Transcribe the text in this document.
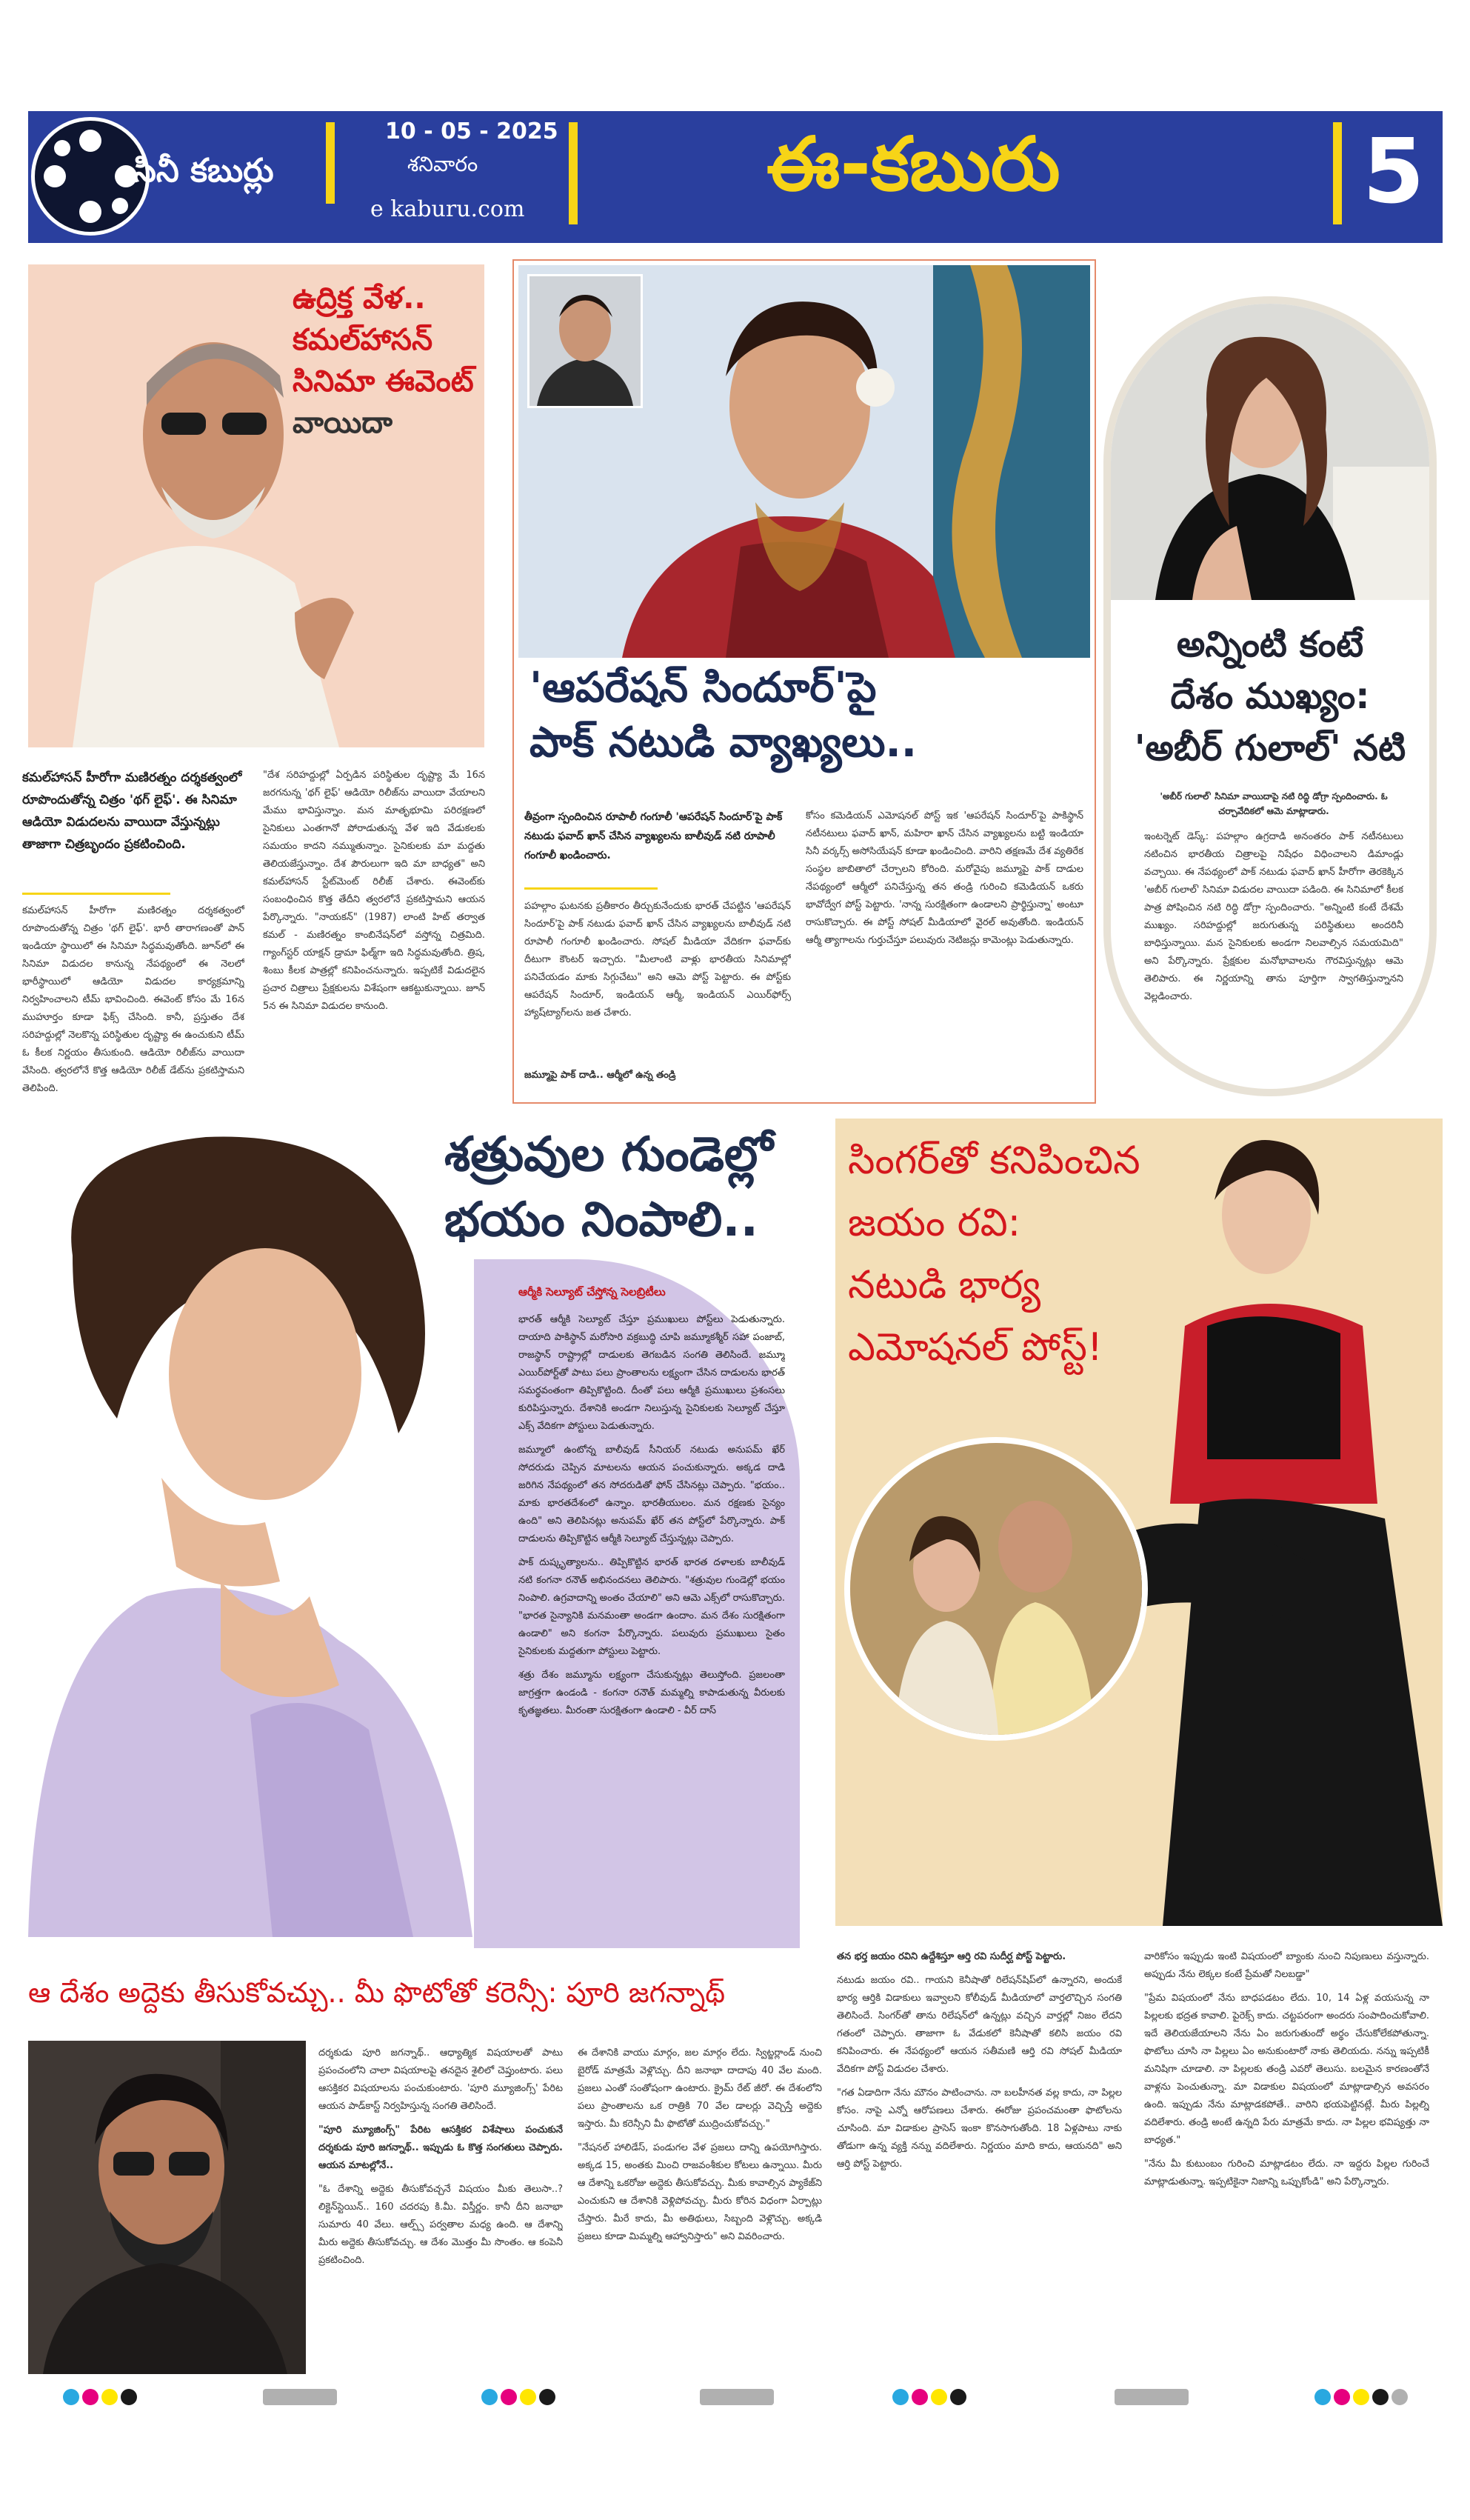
సినీ కబుర్లు
10 - 05 - 2025
శనివారం
e kaburu.com
ఈ-కబురు	5
ఉద్రిక్త వేళ..
కమల్‌హాసన్
సినిమా ఈవెంట్
వాయిదా
కమల్‌హాసన్ హీరోగా మణిరత్నం దర్శకత్వంలో రూపొందుతోన్న చిత్రం 'థగ్ లైఫ్'. ఈ సినిమా ఆడియో విడుదలను వాయిదా వేస్తున్నట్లు తాజాగా చిత్రబృందం ప్రకటించింది.
కమల్‌హాసన్ హీరోగా మణిరత్నం దర్శకత్వంలో రూపొందుతోన్న చిత్రం 'థగ్ లైఫ్'. భారీ తారాగణంతో పాన్ ఇండియా స్థాయిలో ఈ సినిమా సిద్ధమవుతోంది. జూన్‌లో ఈ సినిమా విడుదల కానున్న నేపథ్యంలో ఈ నెలలో భారీస్థాయిలో ఆడియో విడుదల కార్యక్రమాన్ని నిర్వహించాలని టీమ్ భావించింది. ఈవెంట్ కోసం మే 16న ముహూర్తం కూడా ఫిక్స్ చేసింది. కానీ, ప్రస్తుతం దేశ సరిహద్దుల్లో నెలకొన్న పరిస్థితుల దృష్ట్యా ఈ ఉంచుకుని టీమ్ ఓ కీలక నిర్ణయం తీసుకుంది. ఆడియో రిలీజ్‌ను వాయిదా వేసింది. త్వరలోనే కొత్త ఆడియో రిలీజ్ డేట్‌ను ప్రకటిస్తామని తెలిపింది.
"దేశ సరిహద్దుల్లో ఏర్పడిన పరిస్థితుల దృష్ట్యా మే 16న జరగనున్న 'థగ్ లైఫ్' ఆడియో రిలీజ్‌ను వాయిదా వేయాలని మేము భావిస్తున్నాం. మన మాతృభూమి పరిరక్షణలో సైనికులు ఎంతగానో పోరాడుతున్న వేళ ఇది వేడుకలకు సమయం కాదని నమ్ముతున్నాం. సైనికులకు మా మద్దతు తెలియజేస్తున్నాం. దేశ పౌరులుగా ఇది మా బాధ్యత" అని కమల్‌హాసన్ స్టేట్‌మెంట్ రిలీజ్ చేశారు. ఈవెంట్‌కు సంబంధించిన కొత్త తేదీని త్వరలోనే ప్రకటిస్తామని ఆయన పేర్కొన్నారు. "నాయకన్" (1987) లాంటి హిట్ తర్వాత కమల్ - మణిరత్నం కాంబినేషన్‌లో వస్తోన్న చిత్రమిది. గ్యాంగ్‌స్టర్ యాక్షన్ డ్రామా ఫిల్మ్‌గా ఇది సిద్ధమవుతోంది. త్రిష, శింబు కీలక పాత్రల్లో కనిపించనున్నారు. ఇప్పటికే విడుదలైన ప్రచార చిత్రాలు ప్రేక్షకులను విశేషంగా ఆకట్టుకున్నాయి. జూన్ 5న ఈ సినిమా విడుదల కానుంది.
'ఆపరేషన్ సిందూర్'పై
పాక్ నటుడి వ్యాఖ్యలు..
తీవ్రంగా స్పందించిన రూపాలీ గంగూలీ 'ఆపరేషన్ సిందూర్'పై పాక్ నటుడు ఫవాద్ ఖాన్ చేసిన వ్యాఖ్యలను బాలీవుడ్ నటి రూపాలీ గంగూలీ ఖండించారు.
పహల్గాం ఘటనకు ప్రతీకారం తీర్చుకునేందుకు భారత్ చేపట్టిన 'ఆపరేషన్ సిందూర్'పై పాక్ నటుడు ఫవాద్ ఖాన్ చేసిన వ్యాఖ్యలను బాలీవుడ్ నటి రూపాలీ గంగూలీ ఖండించారు. సోషల్ మీడియా వేదికగా ఫవాద్‌కు దీటుగా కౌంటర్ ఇచ్చారు. "మీలాంటి వాళ్లు భారతీయ సినిమాల్లో పనిచేయడం మాకు సిగ్గుచేటు" అని ఆమె పోస్ట్ పెట్టారు. ఈ పోస్ట్‌కు ఆపరేషన్ సిందూర్, ఇండియన్ ఆర్మీ, ఇండియన్ ఎయిర్‌ఫోర్స్ హ్యాష్‌ట్యాగ్‌లను జత చేశారు.
జమ్మూపై పాక్ దాడి.. ఆర్మీలో ఉన్న తండ్రి
కోసం కమెడియన్ ఎమోషనల్ పోస్ట్ ఇక 'ఆపరేషన్ సిందూర్'పై పాకిస్థాన్ నటీనటులు ఫవాద్ ఖాన్, మహిరా ఖాన్ చేసిన వ్యాఖ్యలను బట్టి ఇండియా సినీ వర్కర్స్ అసోసియేషన్ కూడా ఖండించింది. వారిని తక్షణమే దేశ వ్యతిరేక సంస్థల జాబితాలో చేర్చాలని కోరింది. మరోవైపు జమ్మూపై పాక్ దాడుల నేపథ్యంలో ఆర్మీలో పనిచేస్తున్న తన తండ్రి గురించి కమెడియన్ ఒకరు భావోద్వేగ పోస్ట్ పెట్టారు. 'నాన్న సురక్షితంగా ఉండాలని ప్రార్థిస్తున్నా' అంటూ రాసుకొచ్చారు. ఈ పోస్ట్ సోషల్ మీడియాలో వైరల్ అవుతోంది. ఇండియన్ ఆర్మీ త్యాగాలను గుర్తుచేస్తూ పలువురు నెటిజన్లు కామెంట్లు పెడుతున్నారు.
అన్నింటి కంటే
దేశం ముఖ్యం:
'అబీర్ గులాల్' నటి
'అబీర్ గులాల్' సినిమా వాయిదాపై నటి రిద్ధి డోగ్రా స్పందించారు. ఓ చర్చావేదికలో ఆమె మాట్లాడారు.
ఇంటర్నెట్ డెస్క్: పహల్గాం ఉగ్రదాడి అనంతరం పాక్ నటీనటులు నటించిన భారతీయ చిత్రాలపై నిషేధం విధించాలని డిమాండ్లు వచ్చాయి. ఈ నేపథ్యంలో పాక్ నటుడు ఫవాద్ ఖాన్ హీరోగా తెరకెక్కిన 'అబీర్ గులాల్' సినిమా విడుదల వాయిదా పడింది. ఈ సినిమాలో కీలక పాత్ర పోషించిన నటి రిద్ధి డోగ్రా స్పందించారు. "అన్నింటి కంటే దేశమే ముఖ్యం. సరిహద్దుల్లో జరుగుతున్న పరిస్థితులు అందరినీ బాధిస్తున్నాయి. మన సైనికులకు అండగా నిలవాల్సిన సమయమిది" అని పేర్కొన్నారు. ప్రేక్షకుల మనోభావాలను గౌరవిస్తున్నట్లు ఆమె తెలిపారు. ఈ నిర్ణయాన్ని తాను పూర్తిగా స్వాగతిస్తున్నానని వెల్లడించారు.
శత్రువుల గుండెల్లో
భయం నింపాలి..
ఆర్మీకి సెల్యూట్ చేస్తోన్న సెలబ్రిటీలు

భారత్ ఆర్మీకి సెల్యూట్ చేస్తూ ప్రముఖులు పోస్ట్‌లు పెడుతున్నారు. దాయాది పాకిస్థాన్ మరోసారి వక్రబుద్ధి చూపి జమ్మూకశ్మీర్ సహా పంజాబ్, రాజస్థాన్ రాష్ట్రాల్లో దాడులకు తెగబడిన సంగతి తెలిసిందే. జమ్మూ ఎయిర్‌పోర్ట్‌తో పాటు పలు ప్రాంతాలను లక్ష్యంగా చేసిన దాడులను భారత్ సమర్థవంతంగా తిప్పికొట్టింది. దీంతో పలు ఆర్మీకి ప్రముఖులు ప్రశంసలు కురిపిస్తున్నారు. దేశానికి అండగా నిలుస్తున్న సైనికులకు సెల్యూట్ చేస్తూ ఎక్స్ వేదికగా పోస్టులు పెడుతున్నారు.

జమ్మూలో ఉంటోన్న బాలీవుడ్ సీనియర్ నటుడు అనుపమ్ ఖేర్ సోదరుడు చెప్పిన మాటలను ఆయన పంచుకున్నారు. అక్కడ దాడి జరిగిన నేపథ్యంలో తన సోదరుడితో ఫోన్ చేసినట్లు చెప్పారు. "భయం.. మాకు భారతదేశంలో ఉన్నాం. భారతీయులం. మన రక్షణకు సైన్యం ఉంది" అని తెలిపినట్లు అనుపమ్ ఖేర్ తన పోస్ట్‌లో పేర్కొన్నారు. పాక్ దాడులను తిప్పికొట్టిన ఆర్మీకి సెల్యూట్ చేస్తున్నట్లు చెప్పారు.

పాక్ దుష్కృత్యాలను.. తిప్పికొట్టిన భారత్ భారత దళాలకు బాలీవుడ్ నటి కంగనా రనౌత్ అభినందనలు తెలిపారు. "శత్రువుల గుండెల్లో భయం నింపాలి. ఉగ్రవాదాన్ని అంతం చేయాలి" అని ఆమె ఎక్స్‌లో రాసుకొచ్చారు. "భారత సైన్యానికి మనమంతా అండగా ఉందాం. మన దేశం సురక్షితంగా ఉండాలి" అని కంగనా పేర్కొన్నారు. పలువురు ప్రముఖులు సైతం సైనికులకు మద్దతుగా పోస్టులు పెట్టారు.

శత్రు దేశం జమ్మూను లక్ష్యంగా చేసుకున్నట్లు తెలుస్తోంది. ప్రజలంతా జాగ్రత్తగా ఉండండి - కంగనా రనౌత్ మమ్మల్ని కాపాడుతున్న వీరులకు కృతజ్ఞతలు. మీరంతా సురక్షితంగా ఉండాలి - వీర్ దాస్

సింగర్‌తో కనిపించిన
జయం రవి:
నటుడి భార్య
ఎమోషనల్ పోస్ట్!

తన భర్త జయం రవిని ఉద్దేశిస్తూ ఆర్తి రవి సుదీర్ఘ పోస్ట్ పెట్టారు.

నటుడు జయం రవి.. గాయని కెనీషాతో రిలేషన్‌షిప్‌లో ఉన్నారని, అందుకే భార్య ఆర్తికి విడాకులు ఇవ్వాలని కోలీవుడ్ మీడియాలో వార్తలొచ్చిన సంగతి తెలిసిందే. సింగర్‌తో తాను రిలేషన్‌లో ఉన్నట్లు వచ్చిన వార్తల్లో నిజం లేదని గతంలో చెప్పారు. తాజాగా ఓ వేడుకలో కెనీషాతో కలిసి జయం రవి కనిపించారు. ఈ నేపథ్యంలో ఆయన సతీమణి ఆర్తి రవి సోషల్ మీడియా వేదికగా పోస్ట్ విడుదల చేశారు.

"గత ఏడాదిగా నేను మౌనం పాటించాను. నా బలహీనత వల్ల కాదు, నా పిల్లల కోసం. నాపై ఎన్నో ఆరోపణలు చేశారు. ఈరోజు ప్రపంచమంతా ఫొటోలను చూసింది. మా విడాకుల ప్రాసెస్ ఇంకా కొనసాగుతోంది. 18 ఏళ్లపాటు నాకు తోడుగా ఉన్న వ్యక్తి నన్ను వదిలేశారు. నిర్ణయం మాది కాదు, ఆయనది" అని ఆర్తి పోస్ట్ పెట్టారు.

వారికోసం ఇప్పుడు ఇంటి విషయంలో బ్యాంకు నుంచి నిపుణులు వస్తున్నారు. అప్పుడు నేను లెక్కల కంటే ప్రేమతో నిలబడ్డా"

"ప్రేమ విషయంలో నేను బాధపడటం లేదు. 10, 14 ఏళ్ల వయసున్న నా పిల్లలకు భద్రత కావాలి. పైరెక్స్ కాదు. చట్టపరంగా అందరు సంపాదించుకోవాలి. ఇదే తెలియజేయాలని నేను ఏం జరుగుతుందో అర్థం చేసుకోలేకపోతున్నా. ఫొటోలు చూసి నా పిల్లలు ఏం అనుకుంటారో నాకు తెలియదు. నన్ను ఇప్పటికీ మనిషిగా చూడాలి. నా పిల్లలకు తండ్రి ఎవరో తెలుసు. బలమైన కారణంతోనే వాళ్లను పెంచుతున్నా. మా విడాకుల విషయంలో మాట్లాడాల్సిన అవసరం ఉంది. ఇప్పుడు నేను మాట్లాడకపోతే.. వారిని భయపెట్టినట్లే. మీరు పిల్లల్ని వదిలేశారు. తండ్రి అంటే ఉన్నది పేరు మాత్రమే కాదు. నా పిల్లల భవిష్యత్తు నా బాధ్యత."

"నేను మీ కుటుంబం గురించి మాట్లాడటం లేదు. నా ఇద్దరు పిల్లల గురించే మాట్లాడుతున్నా. ఇప్పటికైనా నిజాన్ని ఒప్పుకోండి" అని పేర్కొన్నారు.

ఆ దేశం అద్దెకు తీసుకోవచ్చు.. మీ ఫొటోతో కరెన్సీ: పూరి జగన్నాథ్

దర్శకుడు పూరి జగన్నాథ్.. ఆధ్యాత్మిక విషయాలతో పాటు ప్రపంచంలోని చాలా విషయాలపై తనదైన శైలిలో చెప్తుంటారు. పలు ఆసక్తికర విషయాలను పంచుకుంటారు. 'పూరి మ్యూజింగ్స్' పేరిట ఆయన పాడ్‌కాస్ట్ నిర్వహిస్తున్న సంగతి తెలిసిందే.

"పూరి మ్యూజింగ్స్" పేరిట ఆసక్తికర విశేషాలు పంచుకునే దర్శకుడు పూరి జగన్నాథ్.. ఇప్పుడు ఓ కొత్త సంగతులు చెప్పారు. ఆయన మాటల్లోనే..

"ఓ దేశాన్ని అద్దెకు తీసుకోవచ్చనే విషయం మీకు తెలుసా..? లిక్టెన్‌స్టెయిన్.. 160 చదరపు కి.మీ. విస్తీర్ణం. కానీ దీని జనాభా సుమారు 40 వేలు. ఆల్ప్స్ పర్వతాల మధ్య ఉంది. ఆ దేశాన్ని మీరు అద్దెకు తీసుకోవచ్చు. ఆ దేశం మొత్తం మీ సొంతం. ఆ కంపెనీ ప్రకటించింది.

ఈ దేశానికి వాయు మార్గం, జల మార్గం లేదు. స్విట్జర్లాండ్ నుంచి బైరోడ్ మాత్రమే వెళ్లొచ్చు. దీని జనాభా దాదాపు 40 వేల మంది. ప్రజలు ఎంతో సంతోషంగా ఉంటారు. క్రైమ్ రేట్ జీరో. ఈ దేశంలోని పలు ప్రాంతాలను ఒక రాత్రికి 70 వేల డాలర్లు వెచ్చిస్తే అద్దెకు ఇస్తారు. మీ కరెన్సీని మీ ఫొటోతో ముద్రించుకోవచ్చు."

"నేషనల్ హాలిడేస్, పండుగల వేళ ప్రజలు దాన్ని ఉపయోగిస్తారు. అక్కడ 15, అంతకు మించి రాజవంశీకుల కోటలు ఉన్నాయి. మీరు ఆ దేశాన్ని ఒకరోజు అద్దెకు తీసుకోవచ్చు. మీకు కావాల్సిన ప్యాకేజ్‌ని ఎంచుకుని ఆ దేశానికి వెళ్లిపోవచ్చు. మీరు కోరిన విధంగా ఏర్పాట్లు చేస్తారు. మీరే కాదు, మీ అతిథులు, సిబ్బంది వెళ్లొచ్చు. అక్కడి ప్రజలు కూడా మిమ్మల్ని ఆహ్వానిస్తారు" అని వివరించారు.
